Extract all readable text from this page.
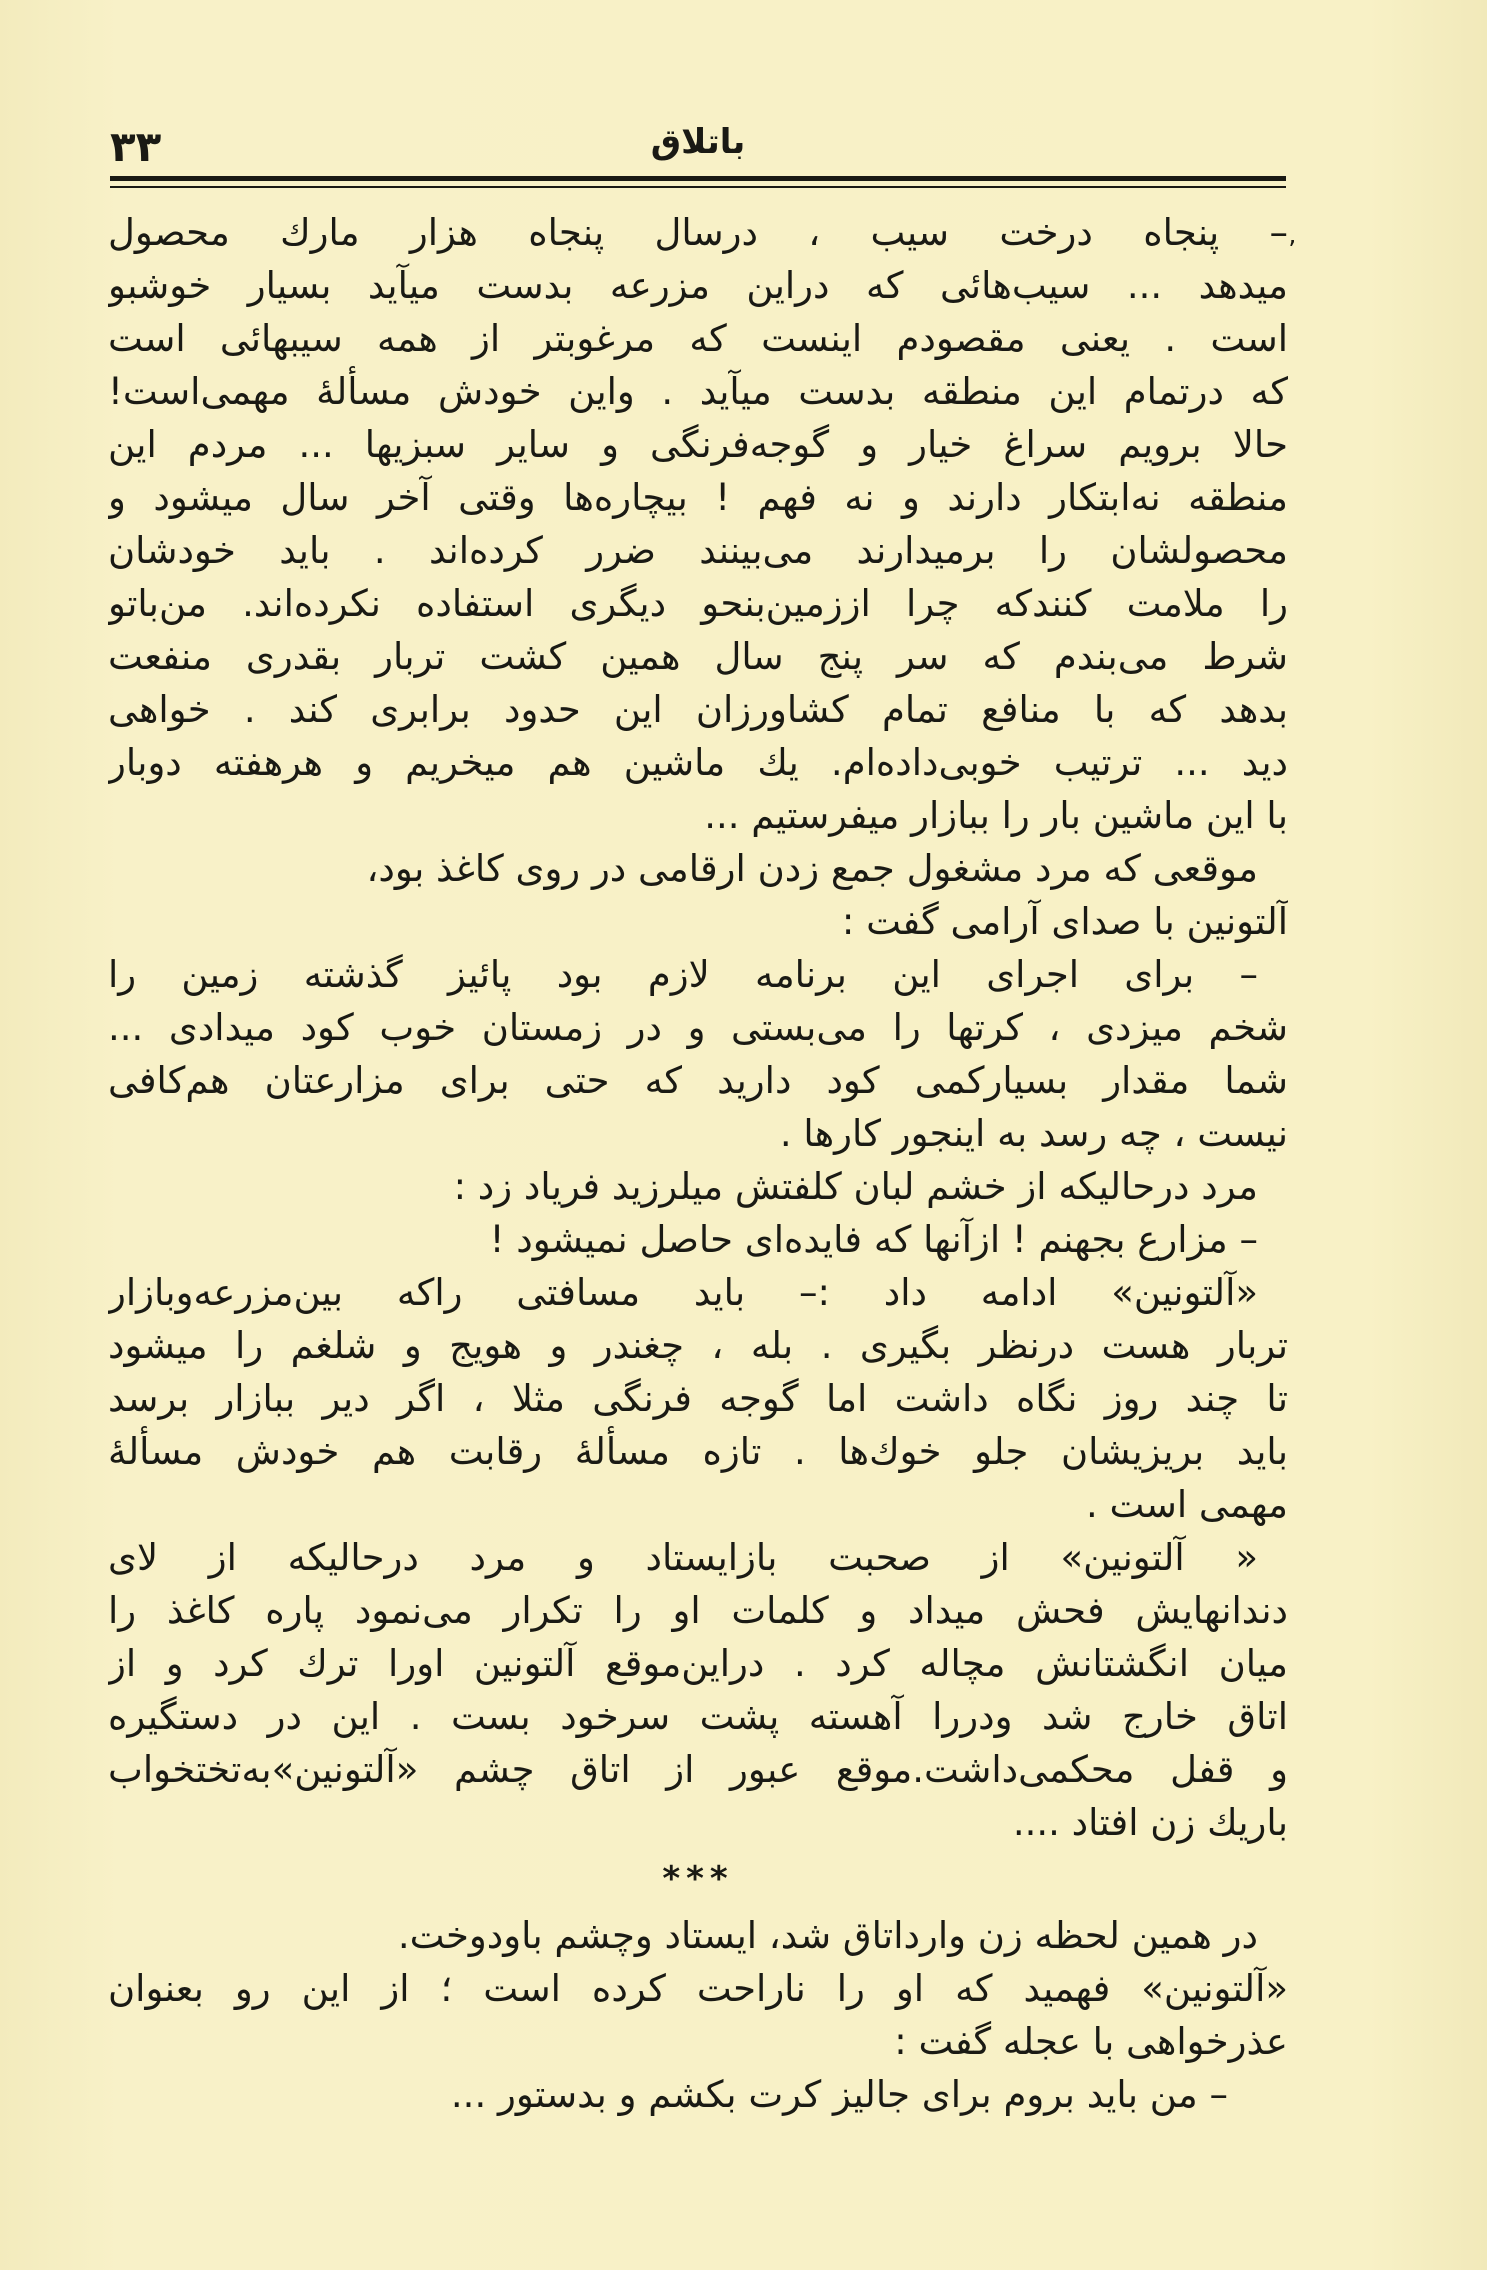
۳۳	باتلاق
٬
– پنجاه درخت سیب ، درسال پنجاه هزار مارك محصول
میدهد ... سیب‌هائی که دراین مزرعه بدست میآید بسیار خوشبو
است . یعنی مقصودم اینست که مرغوبتر از همه سیبهائی است
که درتمام این منطقه بدست میآید . واین خودش مسألهٔ مهمی‌است!
حالا برویم سراغ خیار و گوجه‌فرنگی و سایر سبزیها ... مردم این
منطقه نه‌ابتکار دارند و نه فهم ! بیچاره‌ها وقتی آخر سال میشود و
محصولشان را برمیدارند می‌بینند ضرر کرده‌اند . باید خودشان
را ملامت کنندکه چرا اززمین‌بنحو دیگری استفاده نکرده‌اند. من‌باتو
شرط می‌بندم که سر پنج سال همین کشت تربار بقدری منفعت
بدهد که با منافع تمام کشاورزان این حدود برابری کند . خواهی
دید ... ترتیب خوبی‌داده‌ام. یك ماشین هم میخریم و هرهفته دوبار
با این ماشین بار را ببازار میفرستیم ...
موقعی که مرد مشغول جمع زدن ارقامی در روی کاغذ بود،
آلتونین با صدای آرامی گفت :
– برای اجرای این برنامه لازم بود پائیز گذشته زمین را
شخم میزدی ، کرتها را می‌بستی و در زمستان خوب کود میدادی ...
شما مقدار بسیارکمی کود دارید که حتی برای مزارعتان هم‌کافی
نیست ، چه رسد به اینجور کارها .
مرد درحالیکه از خشم لبان کلفتش میلرزید فریاد زد :
– مزارع بجهنم ! ازآنها که فایده‌ای حاصل نمیشود !
«آلتونین» ادامه داد :– باید مسافتی راکه بین‌مزرعه‌وبازار
تربار هست درنظر بگیری . بله ، چغندر و هویج و شلغم را میشود
تا چند روز نگاه داشت اما گوجه فرنگی مثلا ، اگر دیر ببازار برسد
باید بریزیشان جلو خوك‌ها . تازه مسألهٔ رقابت هم خودش مسألهٔ
مهمی است .
« آلتونین» از صحبت بازایستاد و مرد درحالیکه از لای
دندانهایش فحش میداد و کلمات او را تکرار می‌نمود پاره کاغذ را
میان انگشتانش مچاله کرد . دراین‌موقع آلتونین اورا ترك کرد و از
اتاق خارج شد ودررا آهسته پشت سرخود بست . این در دستگیره
و قفل محکمی‌داشت.موقع عبور از اتاق چشم «آلتونین»به‌تختخواب
باریك زن افتاد ....
***
در همین لحظه زن وارداتاق شد، ایستاد وچشم باودوخت.
«آلتونین» فهمید که او را ناراحت کرده است ؛ از این رو بعنوان
عذرخواهی با عجله گفت :
– من باید بروم برای جالیز کرت بکشم و بدستور ...
